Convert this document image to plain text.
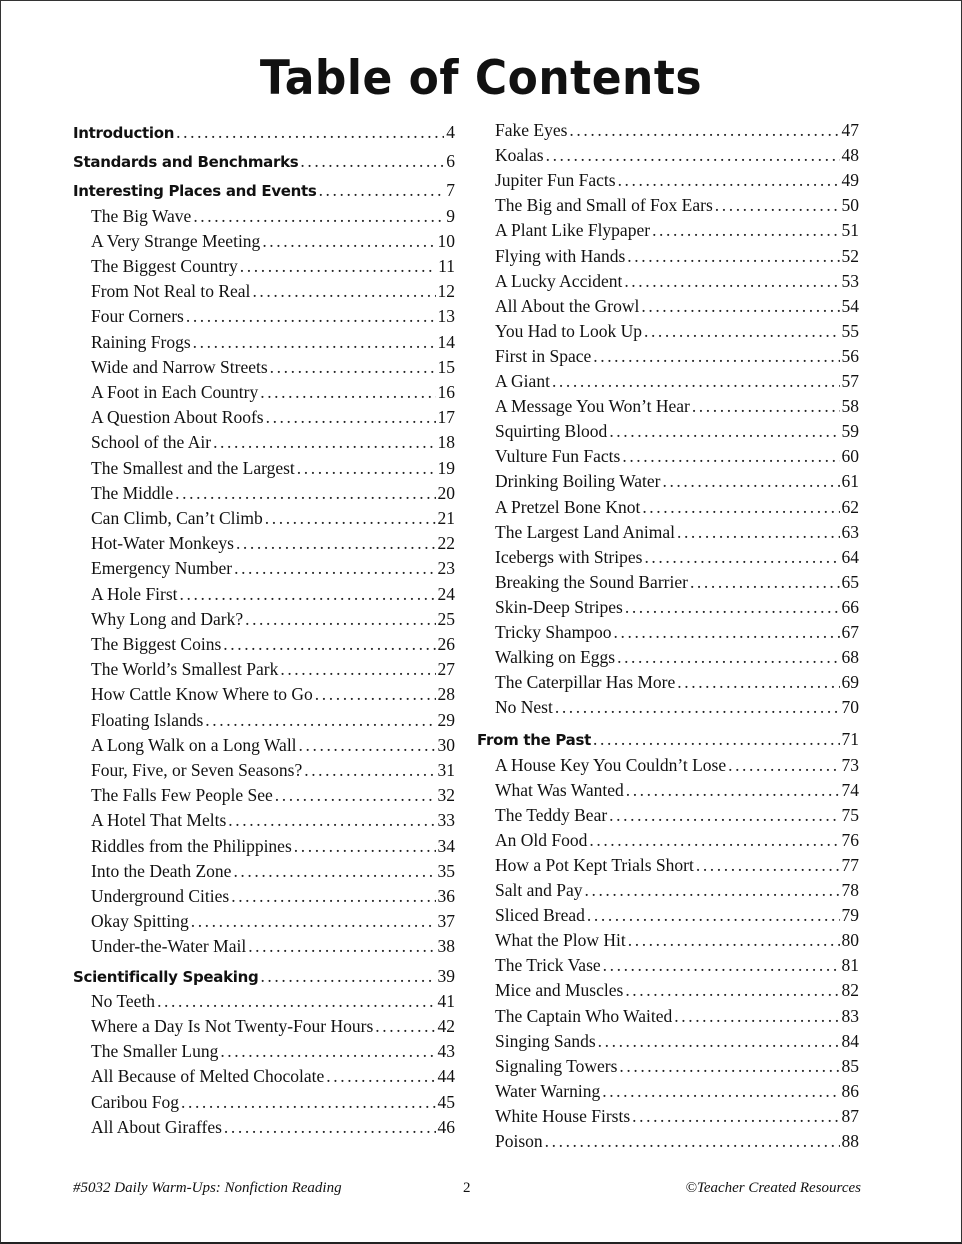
Table of Contents
Introduction .....	4
Standards and Benchmarks .....	6
Interesting Places and Events .....	7
The Big Wave .....	9
A Very Strange Meeting .....	10
The Biggest Country .....	11
From Not Real to Real .....	12
Four Corners .....	13
Raining Frogs .....	14
Wide and Narrow Streets .....	15
A Foot in Each Country .....	16
A Question About Roofs .....	17
School of the Air .....	18
The Smallest and the Largest .....	19
The Middle .....	20
Can Climb, Can’t Climb .....	21
Hot-Water Monkeys .....	22
Emergency Number .....	23
A Hole First .....	24
Why Long and Dark? .....	25
The Biggest Coins .....	26
The World’s Smallest Park .....	27
How Cattle Know Where to Go .....	28
Floating Islands .....	29
A Long Walk on a Long Wall .....	30
Four, Five, or Seven Seasons? .....	31
The Falls Few People See .....	32
A Hotel That Melts .....	33
Riddles from the Philippines .....	34
Into the Death Zone .....	35
Underground Cities .....	36
Okay Spitting .....	37
Under-the-Water Mail .....	38
Scientifically Speaking .....	39
No Teeth .....	41
Where a Day Is Not Twenty-Four Hours .....	42
The Smaller Lung .....	43
All Because of Melted Chocolate .....	44
Caribou Fog .....	45
All About Giraffes .....	46
Fake Eyes .....	47
Koalas .....	48
Jupiter Fun Facts .....	49
The Big and Small of Fox Ears .....	50
A Plant Like Flypaper .....	51
Flying with Hands .....	52
A Lucky Accident .....	53
All About the Growl .....	54
You Had to Look Up .....	55
First in Space .....	56
A Giant .....	57
A Message You Won’t Hear .....	58
Squirting Blood .....	59
Vulture Fun Facts .....	60
Drinking Boiling Water .....	61
A Pretzel Bone Knot .....	62
The Largest Land Animal .....	63
Icebergs with Stripes .....	64
Breaking the Sound Barrier .....	65
Skin-Deep Stripes .....	66
Tricky Shampoo .....	67
Walking on Eggs .....	68
The Caterpillar Has More .....	69
No Nest .....	70
From the Past .....	71
A House Key You Couldn’t Lose .....	73
What Was Wanted .....	74
The Teddy Bear .....	75
An Old Food .....	76
How a Pot Kept Trials Short .....	77
Salt and Pay .....	78
Sliced Bread .....	79
What the Plow Hit .....	80
The Trick Vase .....	81
Mice and Muscles .....	82
The Captain Who Waited .....	83
Singing Sands .....	84
Signaling Towers .....	85
Water Warning .....	86
White House Firsts .....	87
Poison .....	88
#5032 Daily Warm-Ups: Nonfiction Reading	2	©Teacher Created Resources
